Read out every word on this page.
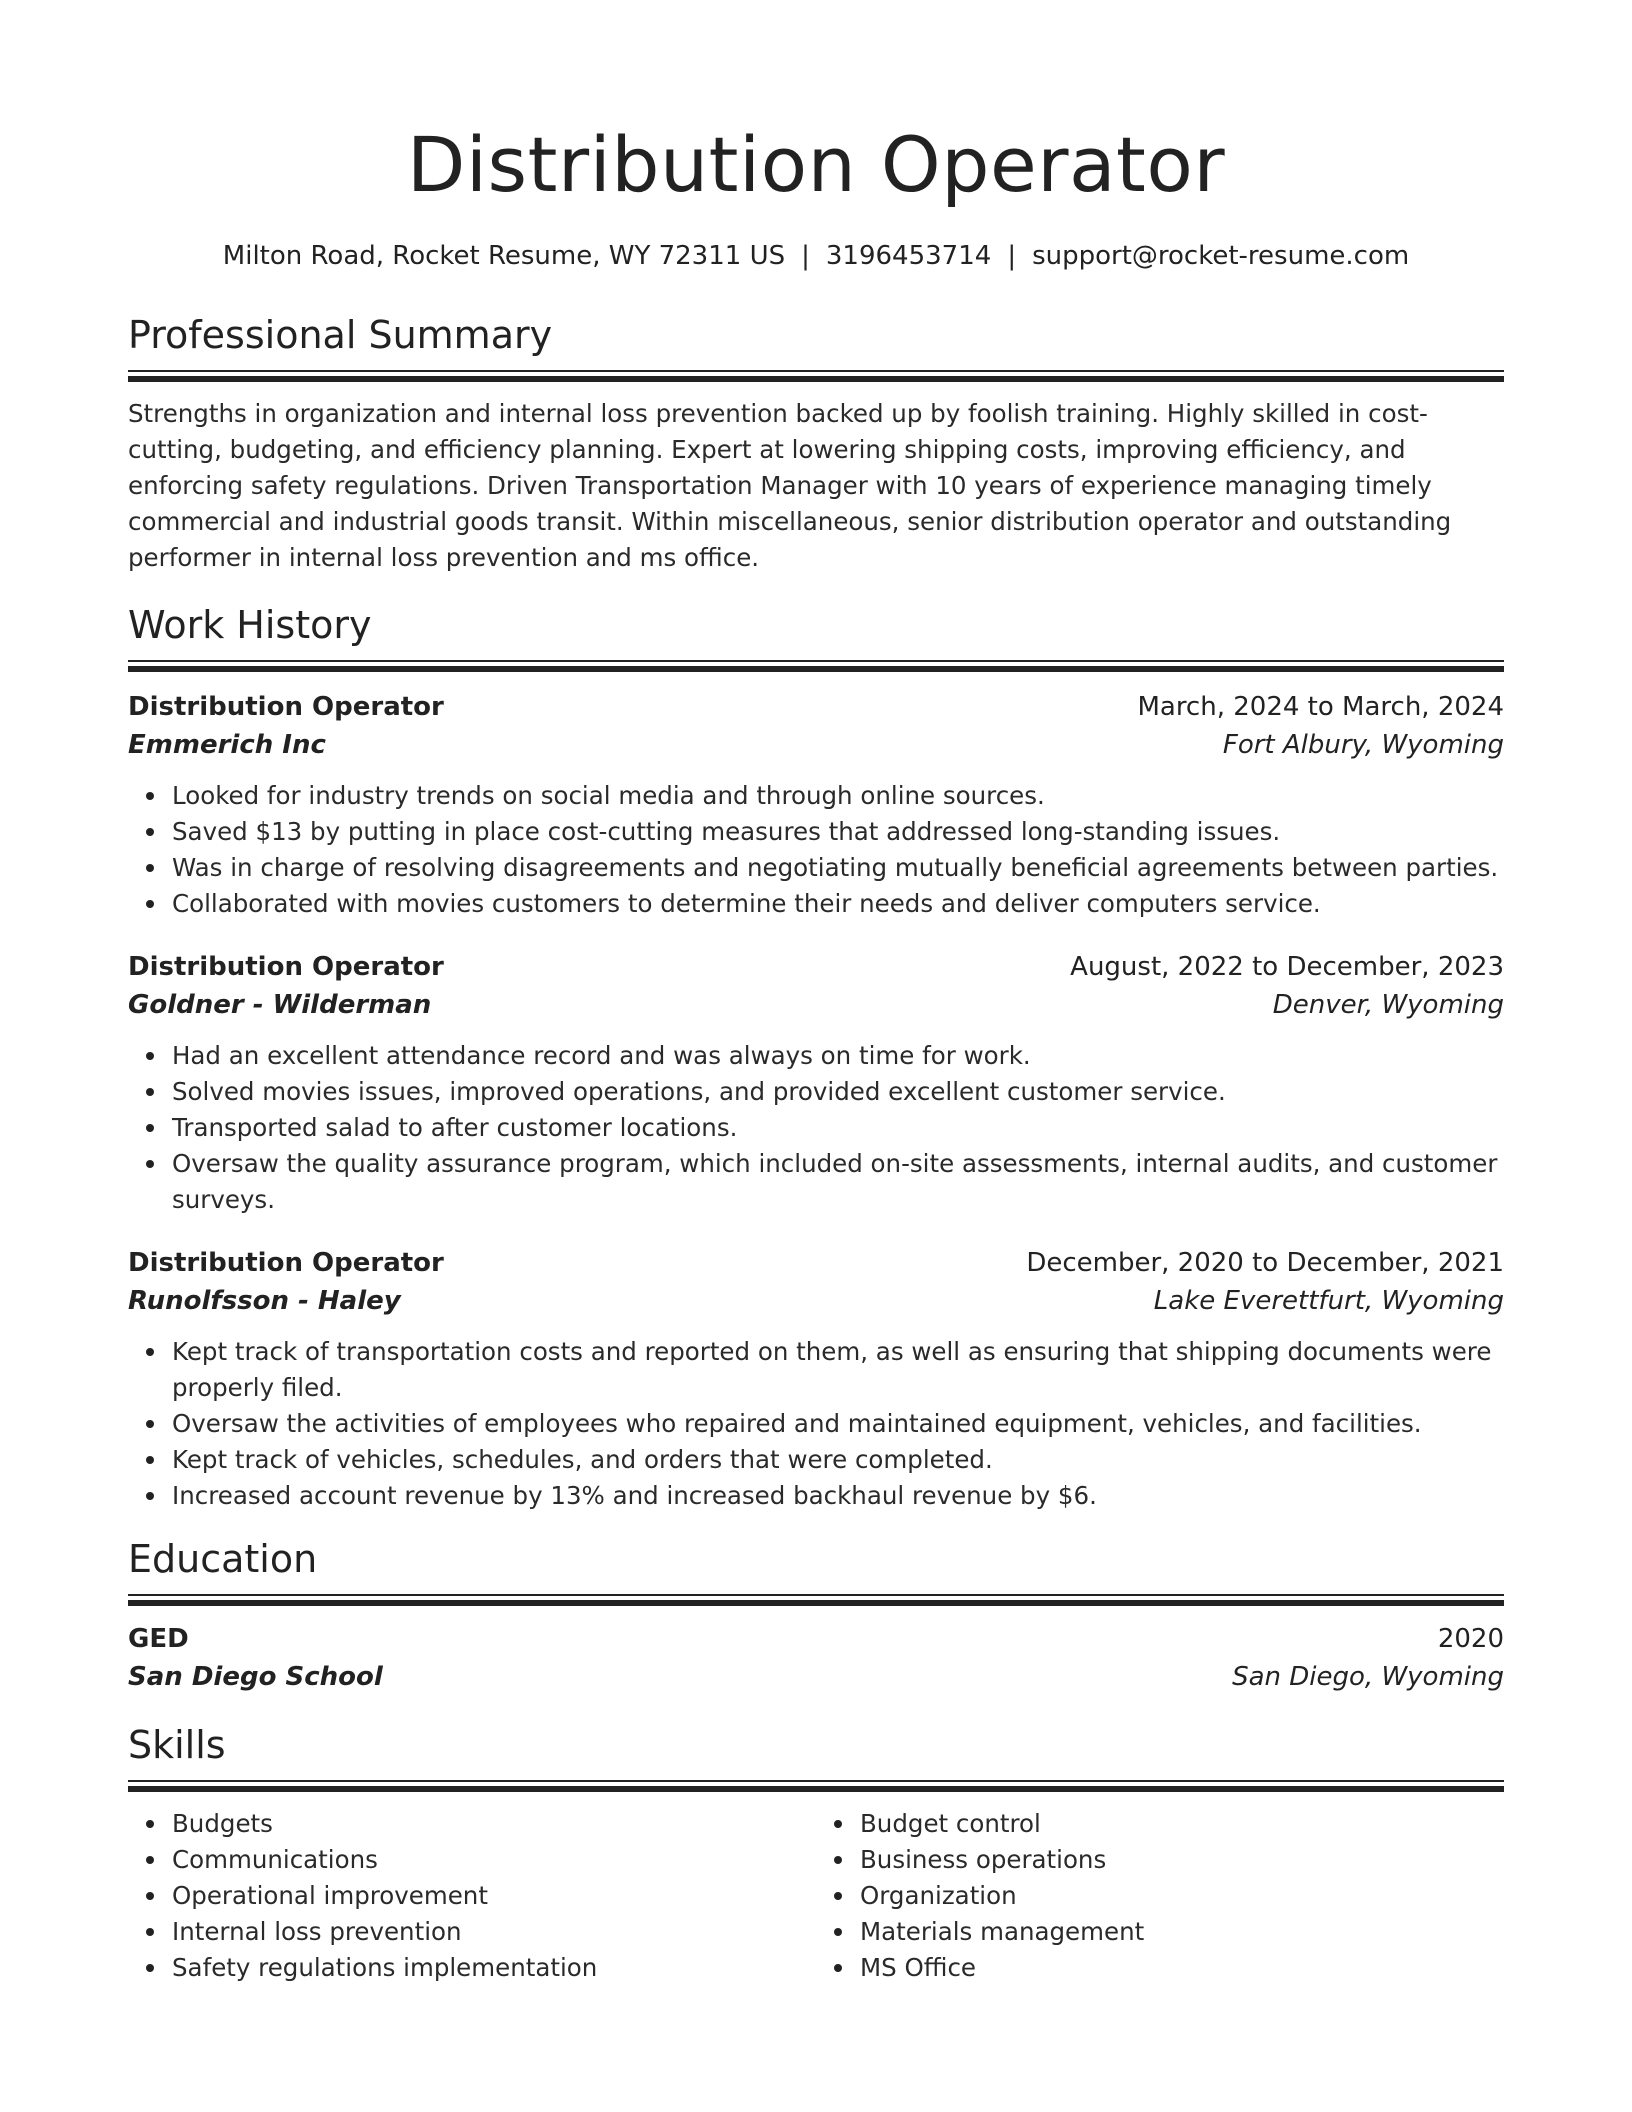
Distribution Operator
Milton Road, Rocket Resume, WY 72311 US | 3196453714 | support@rocket-resume.com
Professional Summary

Strengths in organization and internal loss prevention backed up by foolish training. Highly skilled in cost-cutting, budgeting, and efficiency planning. Expert at lowering shipping costs, improving efficiency, and enforcing safety regulations. Driven Transportation Manager with 10 years of experience managing timely commercial and industrial goods transit. Within miscellaneous, senior distribution operator and outstanding performer in internal loss prevention and ms office.

Work History
Distribution Operator	March, 2024 to March, 2024
Emmerich Inc	Fort Albury, Wyoming
Looked for industry trends on social media and through online sources.
Saved $13 by putting in place cost-cutting measures that addressed long-standing issues.
Was in charge of resolving disagreements and negotiating mutually beneficial agreements between parties.
Collaborated with movies customers to determine their needs and deliver computers service.
Distribution Operator	August, 2022 to December, 2023
Goldner - Wilderman	Denver, Wyoming
Had an excellent attendance record and was always on time for work.
Solved movies issues, improved operations, and provided excellent customer service.
Transported salad to after customer locations.
Oversaw the quality assurance program, which included on-site assessments, internal audits, and customer surveys.
Distribution Operator	December, 2020 to December, 2021
Runolfsson - Haley	Lake Everettfurt, Wyoming
Kept track of transportation costs and reported on them, as well as ensuring that shipping documents were properly filed.
Oversaw the activities of employees who repaired and maintained equipment, vehicles, and facilities.
Kept track of vehicles, schedules, and orders that were completed.
Increased account revenue by 13% and increased backhaul revenue by $6.
Education
GED	2020
San Diego School	San Diego, Wyoming
Skills
Budgets
Communications
Operational improvement
Internal loss prevention
Safety regulations implementation
Budget control
Business operations
Organization
Materials management
MS Office
